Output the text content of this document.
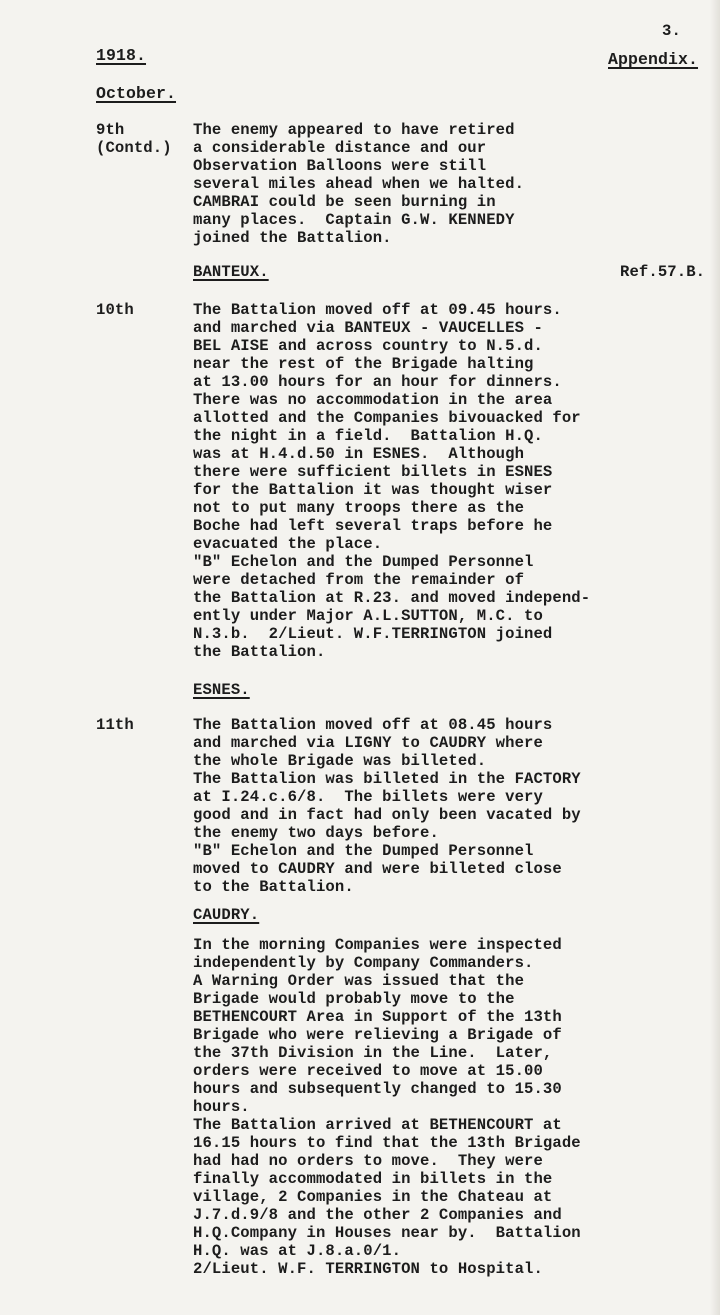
3.

1918.	Appendix.

October.

9th
(Contd.)

The enemy appeared to have retired
a considerable distance and our
Observation Balloons were still
several miles ahead when we halted.
CAMBRAI could be seen burning in
many places.  Captain G.W. KENNEDY
joined the Battalion.

BANTEUX.	Ref.57.B.

10th	The Battalion moved off at 09.45 hours.
and marched via BANTEUX - VAUCELLES -
BEL AISE and across country to N.5.d.
near the rest of the Brigade halting
at 13.00 hours for an hour for dinners.
There was no accommodation in the area
allotted and the Companies bivouacked for
the night in a field.  Battalion H.Q.
was at H.4.d.50 in ESNES.  Although
there were sufficient billets in ESNES
for the Battalion it was thought wiser
not to put many troops there as the
Boche had left several traps before he
evacuated the place.
"B" Echelon and the Dumped Personnel
were detached from the remainder of
the Battalion at R.23. and moved independ-
ently under Major A.L.SUTTON, M.C. to
N.3.b.  2/Lieut. W.F.TERRINGTON joined
the Battalion.

ESNES.

11th	The Battalion moved off at 08.45 hours
and marched via LIGNY to CAUDRY where
the whole Brigade was billeted.
The Battalion was billeted in the FACTORY
at I.24.c.6/8.  The billets were very
good and in fact had only been vacated by
the enemy two days before.
"B" Echelon and the Dumped Personnel
moved to CAUDRY and were billeted close
to the Battalion.

CAUDRY.

In the morning Companies were inspected
independently by Company Commanders.
A Warning Order was issued that the
Brigade would probably move to the
BETHENCOURT Area in Support of the 13th
Brigade who were relieving a Brigade of
the 37th Division in the Line.  Later,
orders were received to move at 15.00
hours and subsequently changed to 15.30
hours.
The Battalion arrived at BETHENCOURT at
16.15 hours to find that the 13th Brigade
had had no orders to move.  They were
finally accommodated in billets in the
village, 2 Companies in the Chateau at
J.7.d.9/8 and the other 2 Companies and
H.Q.Company in Houses near by.  Battalion
H.Q. was at J.8.a.0/1.
2/Lieut. W.F. TERRINGTON to Hospital.
